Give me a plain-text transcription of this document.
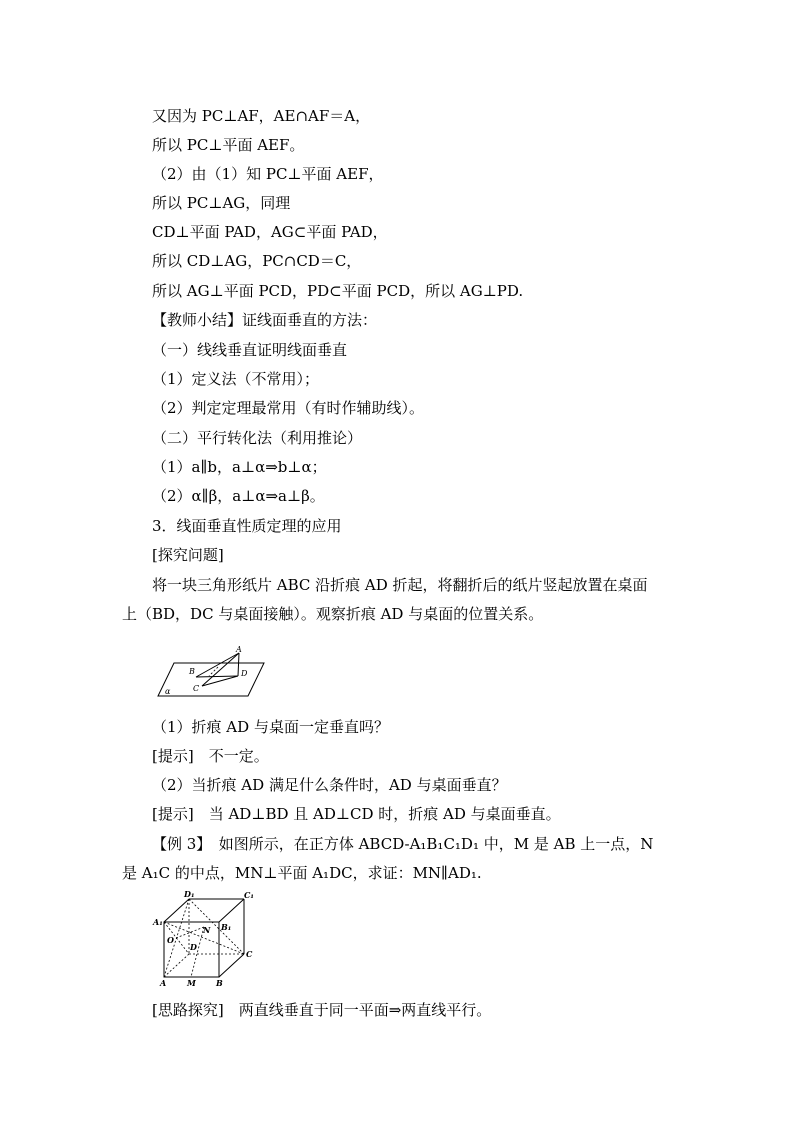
又因为 PC⊥AF，AE∩AF＝A，
所以 PC⊥平面 AEF。
（2）由（1）知 PC⊥平面 AEF，
所以 PC⊥AG，同理
CD⊥平面 PAD，AG⊂平面 PAD，
所以 CD⊥AG，PC∩CD＝C，
所以 AG⊥平面 PCD，PD⊂平面 PCD，所以 AG⊥PD.
【教师小结】证线面垂直的方法：
（一）线线垂直证明线面垂直
（1）定义法（不常用）；
（2）判定定理最常用（有时作辅助线）。
（二）平行转化法（利用推论）
（1）a∥b，a⊥α⇒b⊥α；
（2）α∥β，a⊥α⇒a⊥β。
3．线面垂直性质定理的应用
[探究问题]
将一块三角形纸片 ABC 沿折痕 AD 折起，将翻折后的纸片竖起放置在桌面
上（BD，DC 与桌面接触）。观察折痕 AD 与桌面的位置关系。
A
B	D
C
α
（1）折痕 AD 与桌面一定垂直吗？
[提示]　不一定。
（2）当折痕 AD 满足什么条件时，AD 与桌面垂直？
[提示]　当 AD⊥BD 且 AD⊥CD 时，折痕 AD 与桌面垂直。
【例 3】　如图所示，在正方体 ABCD-A₁B₁C₁D₁ 中，M 是 AB 上一点，N
是 A₁C 的中点，MN⊥平面 A₁DC，求证：MN∥AD₁.
D₁	C₁
A₁	B₁
N
O
D
C
A	M	B
[思路探究]　两直线垂直于同一平面⇒两直线平行。
